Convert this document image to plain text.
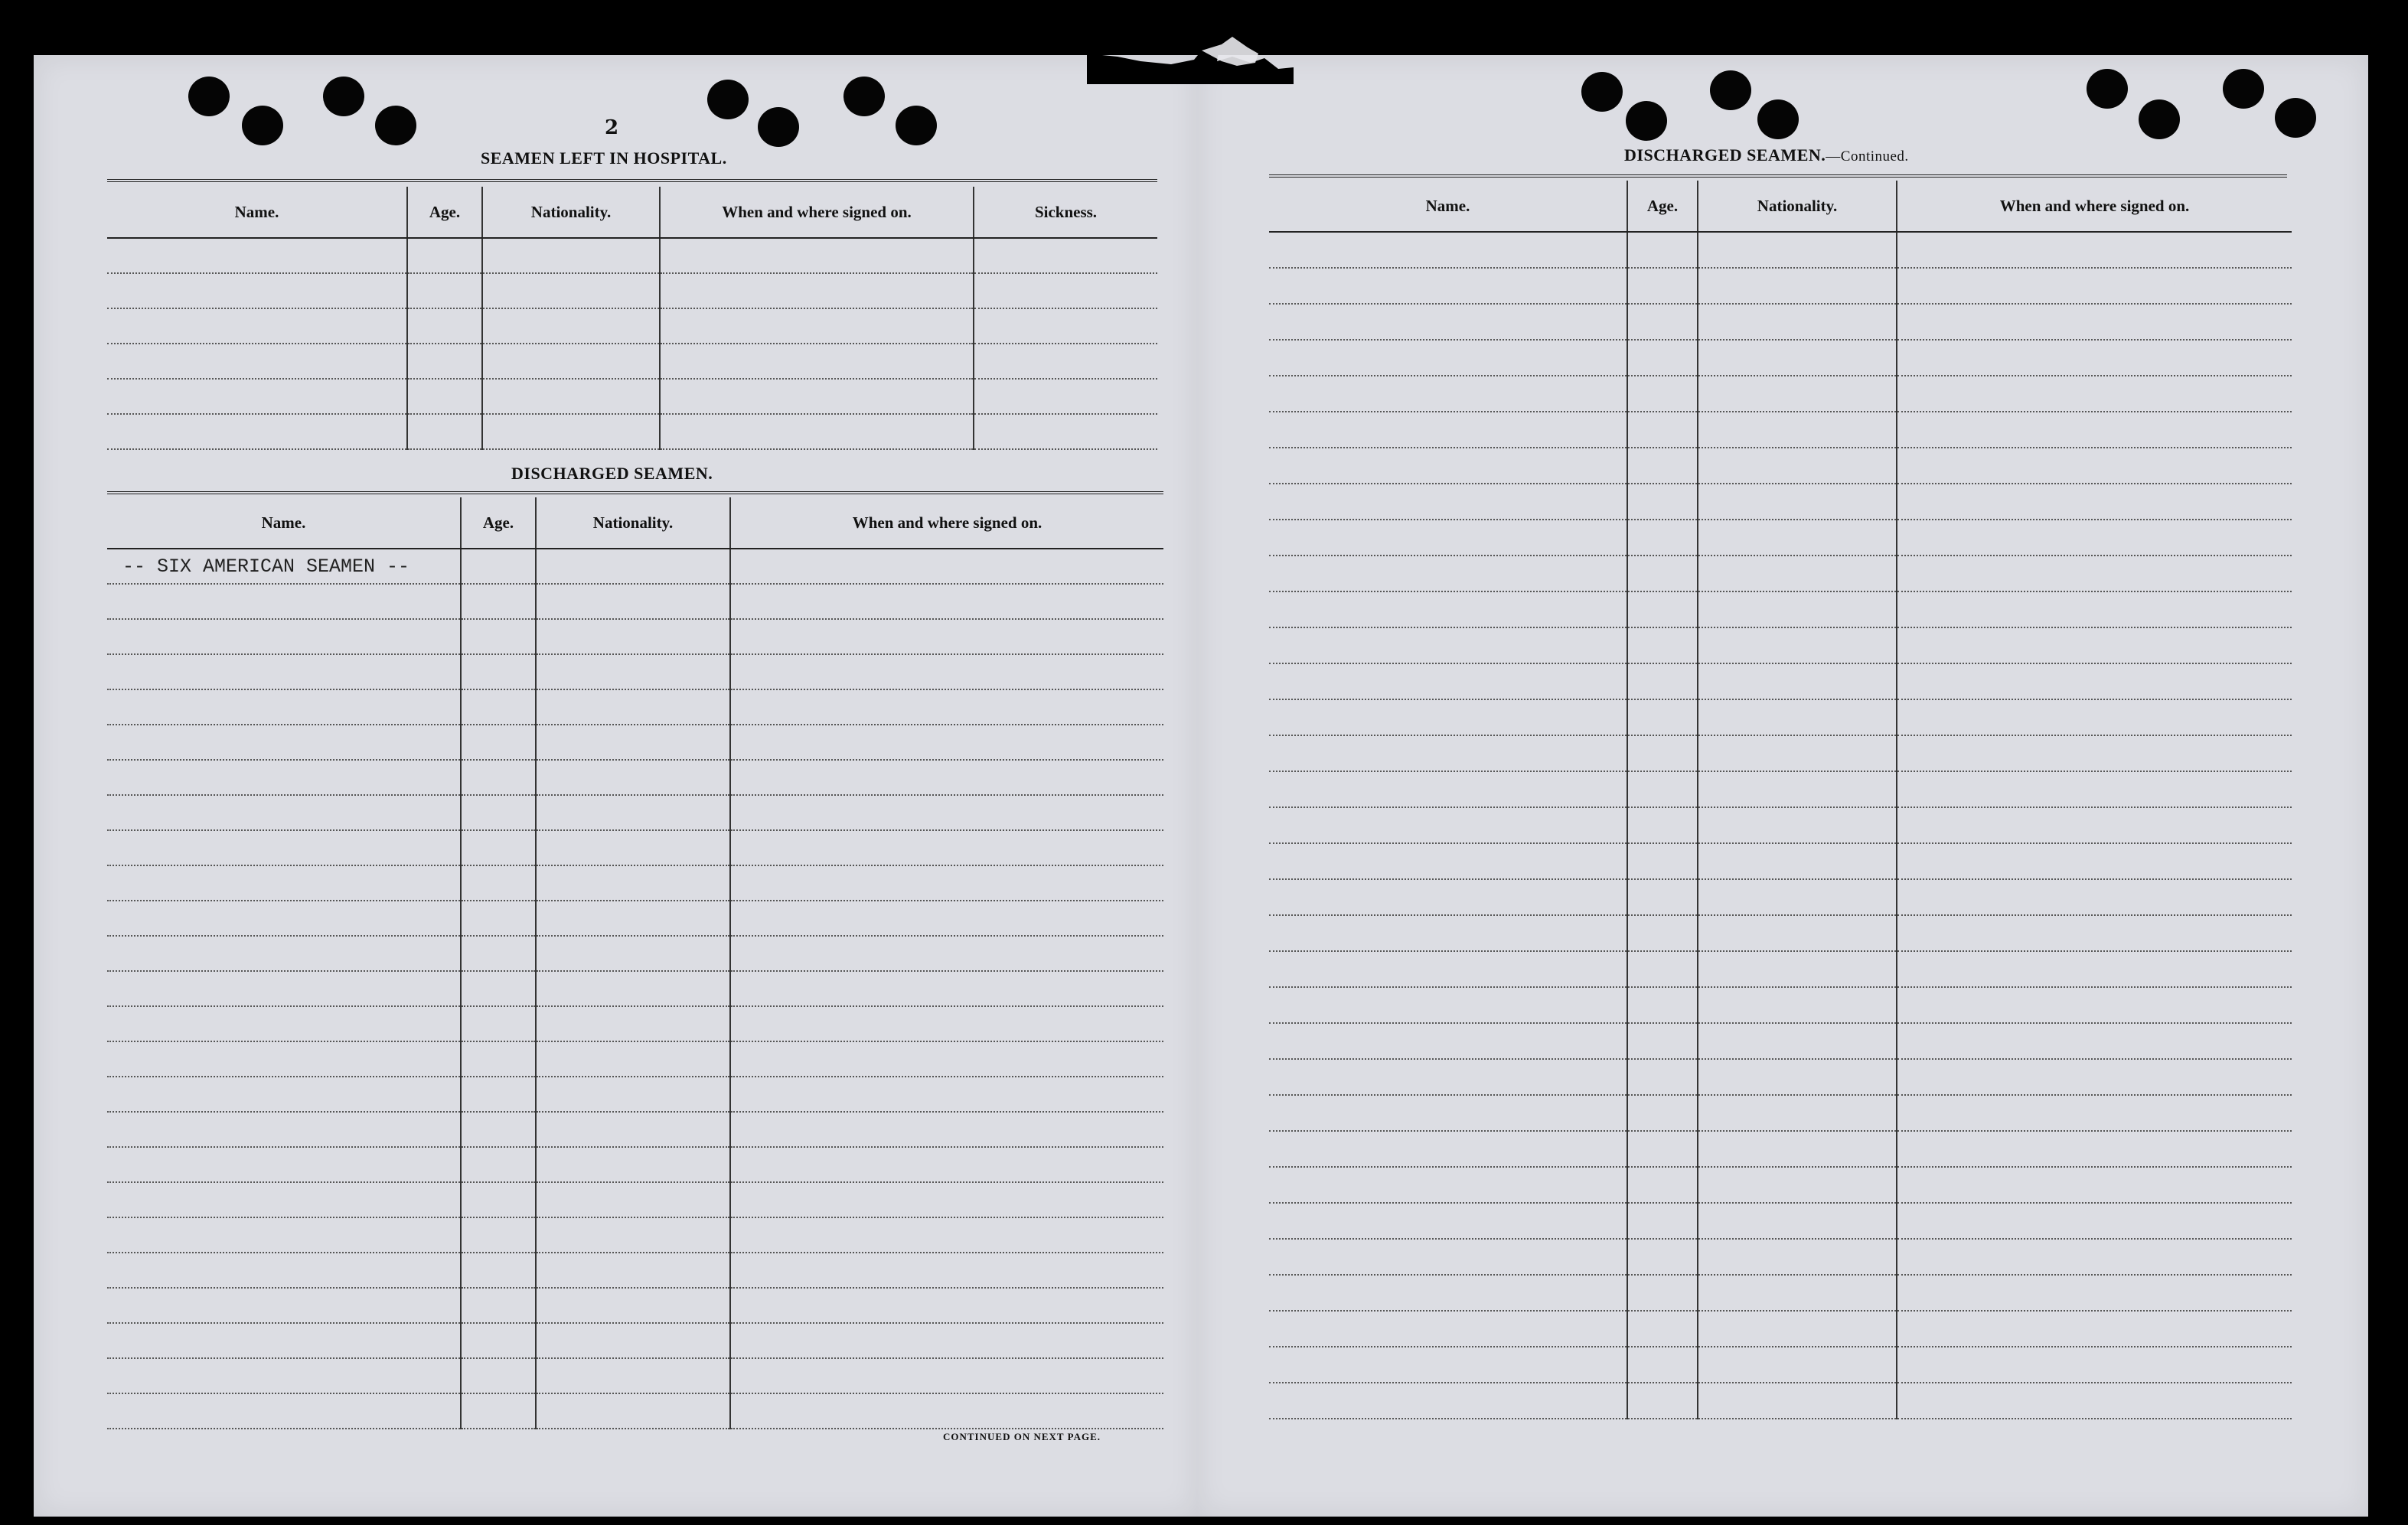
2
SEAMEN LEFT IN HOSPITAL.
Name.	Age.	Nationality.	When and where signed on.	Sickness.

DISCHARGED SEAMEN.
Name.	Age.	Nationality.	When and where signed on.
-- SIX AMERICAN SEAMEN --			

CONTINUED ON NEXT PAGE.
DISCHARGED SEAMEN.—Continued.
Name.	Age.	Nationality.	When and where signed on.
